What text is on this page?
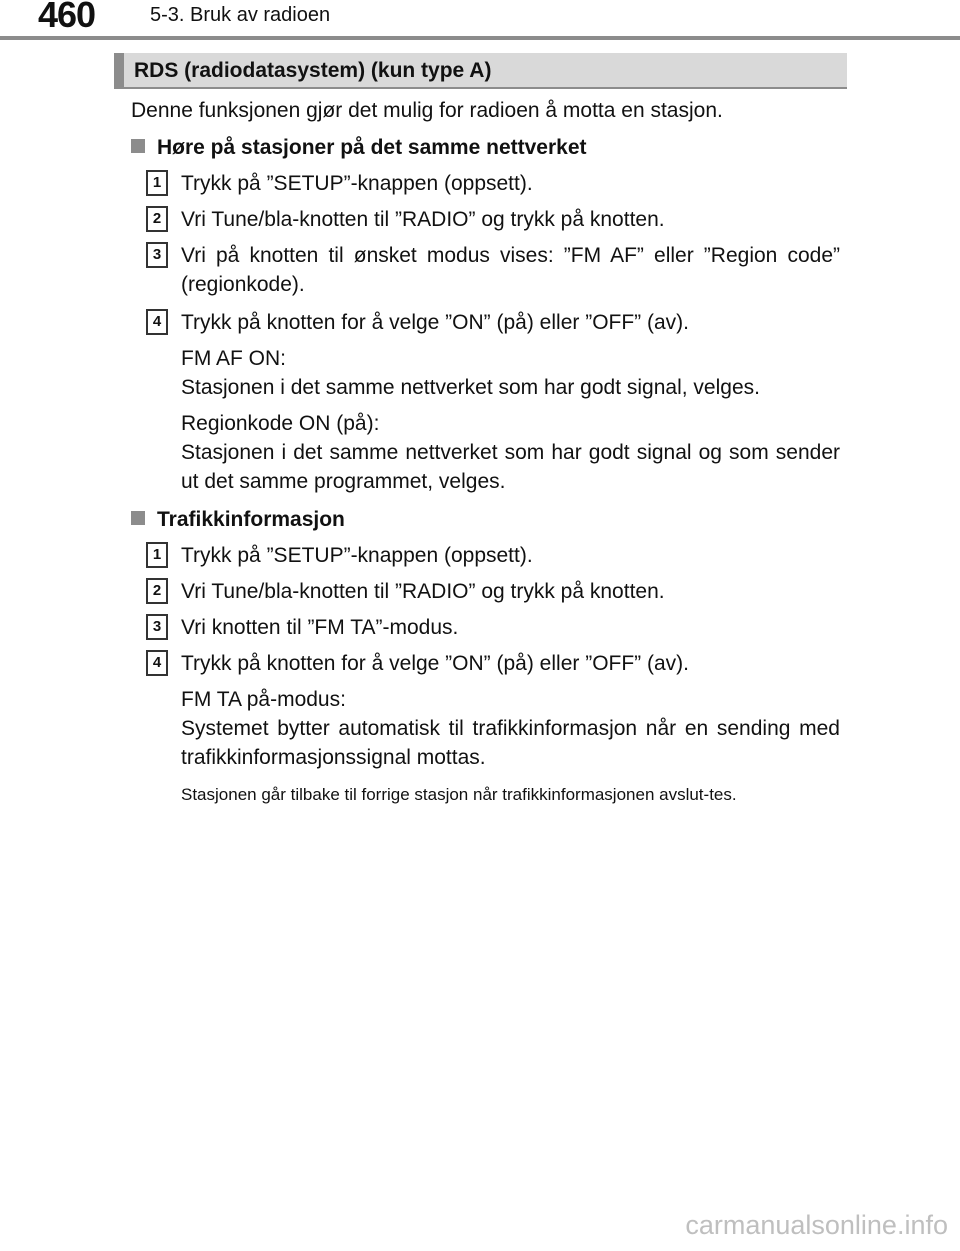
460	5-3. Bruk av radioen
RDS (radiodatasystem) (kun type A)

Denne funksjonen gjør det mulig for radioen å motta en stasjon.

Høre på stasjoner på det samme nettverket
1 Trykk på ”SETUP”-knappen (oppsett).

2 Vri Tune/bla-knotten til ”RADIO” og trykk på knotten.

3 Vri på knotten til ønsket modus vises: ”FM AF” eller ”Region code” (regionkode).

4 Trykk på knotten for å velge ”ON” (på) eller ”OFF” (av).

FM AF ON:

Stasjonen i det samme nettverket som har godt signal, velges.

Regionkode ON (på):

Stasjonen i det samme nettverket som har godt signal og som sender ut det samme programmet, velges.

Trafikkinformasjon
1 Trykk på ”SETUP”-knappen (oppsett).

2 Vri Tune/bla-knotten til ”RADIO” og trykk på knotten.

3 Vri knotten til ”FM TA”-modus.

4 Trykk på knotten for å velge ”ON” (på) eller ”OFF” (av).

FM TA på-modus:

Systemet bytter automatisk til trafikkinformasjon når en sending med trafikkinformasjonssignal mottas.

Stasjonen går tilbake til forrige stasjon når trafikkinformasjonen avslut-tes.

carmanualsonline.info
